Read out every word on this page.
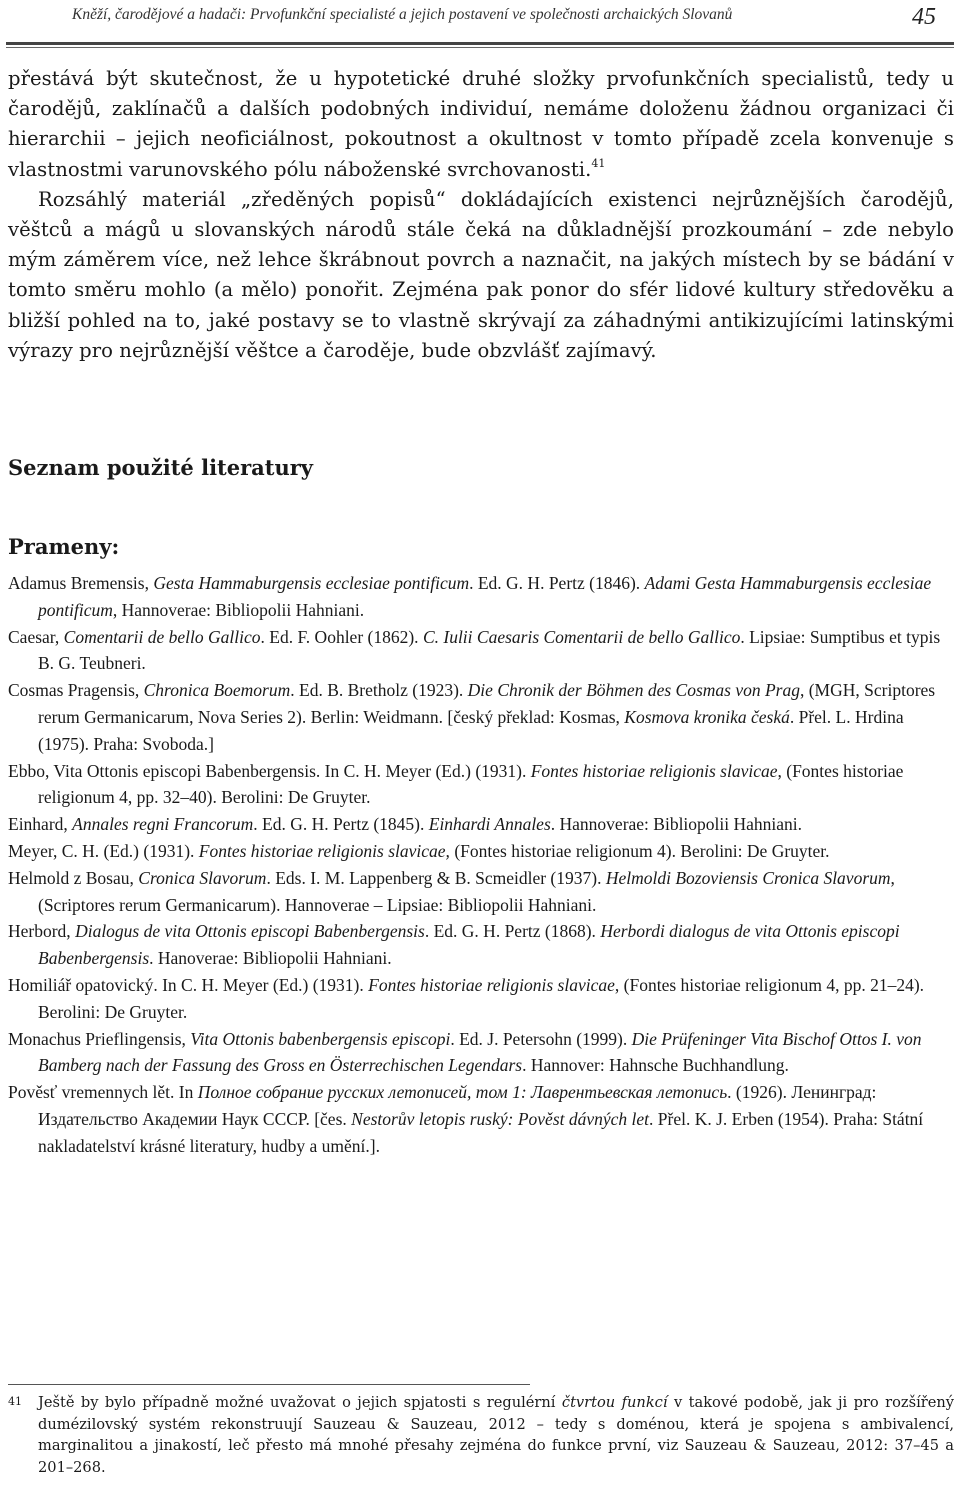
Kněží, čarodějové a hadači: Prvofunkční specialisté a jejich postavení ve společnosti archaických Slovanů	45

přestává být skutečnost, že u hypotetické druhé složky prvofunkčních specialistů, tedy u čarodějů, zaklínačů a dalších podobných individuí, nemáme doloženu žádnou organizaci či hierarchii – jejich neoficiálnost, pokoutnost a okultnost v tomto případě zcela konvenuje s vlastnostmi varunovského pólu náboženské svrchovanosti.$^{41}$

Rozsáhlý materiál „zředěných popisů“ dokládajících existenci nejrůznějších čarodějů, věštců a mágů u slovanských národů stále čeká na důkladnější prozkoumání – zde nebylo mým záměrem více, než lehce škrábnout povrch a naznačit, na jakých místech by se bádání v tomto směru mohlo (a mělo) ponořit. Zejména pak ponor do sfér lidové kultury středověku a bližší pohled na to, jaké postavy se to vlastně skrývají za záhadnými antikizujícími latinskými výrazy pro nejrůznější věštce a čaroděje, bude obzvlášť zajímavý.

Seznam použité literatury
Prameny:

Adamus Bremensis, Gesta Hammaburgensis ecclesiae pontificum. Ed. G. H. Pertz (1846). Adami Gesta Hammaburgensis ecclesiae pontificum, Hannoverae: Bibliopolii Hahniani.

Caesar, Comentarii de bello Gallico. Ed. F. Oohler (1862). C. Iulii Caesaris Comentarii de bello Gallico. Lipsiae: Sumptibus et typis B. G. Teubneri.

Cosmas Pragensis, Chronica Boemorum. Ed. B. Bretholz (1923). Die Chronik der Böhmen des Cosmas von Prag, (MGH, Scriptores rerum Germanicarum, Nova Series 2). Berlin: Weidmann. [český překlad: Kosmas, Kosmova kronika česká. Přel. L. Hrdina (1975). Praha: Svoboda.]

Ebbo, Vita Ottonis episcopi Babenbergensis. In C. H. Meyer (Ed.) (1931). Fontes historiae religionis slavicae, (Fontes historiae religionum 4, pp. 32–40). Berolini: De Gruyter.

Einhard, Annales regni Francorum. Ed. G. H. Pertz (1845). Einhardi Annales. Hannoverae: Bibliopolii Hahniani.

Meyer, C. H. (Ed.) (1931). Fontes historiae religionis slavicae, (Fontes historiae religionum 4). Berolini: De Gruyter.

Helmold z Bosau, Cronica Slavorum. Eds. I. M. Lappenberg & B. Scmeidler (1937). Helmoldi Bozoviensis Cronica Slavorum, (Scriptores rerum Germanicarum). Hannoverae – Lipsiae: Bibliopolii Hahniani.

Herbord, Dialogus de vita Ottonis episcopi Babenbergensis. Ed. G. H. Pertz (1868). Herbordi dialogus de vita Ottonis episcopi Babenbergensis. Hanoverae: Bibliopolii Hahniani.

Homiliář opatovický. In C. H. Meyer (Ed.) (1931). Fontes historiae religionis slavicae, (Fontes historiae religionum 4, pp. 21–24). Berolini: De Gruyter.

Monachus Prieflingensis, Vita Ottonis babenbergensis episcopi. Ed. J. Petersohn (1999). Die Prüfeninger Vita Bischof Ottos I. von Bamberg nach der Fassung des Gross en Österrechischen Legendars. Hannover: Hahnsche Buchhandlung.

Pověsť vremennych lět. In Полное собрание русских летописей, том 1: Лаврентьевская летопись. (1926). Ленинград: Издательство Академии Наук СССР. [čes. Nestorův letopis ruský: Pověst dávných let. Přel. K. J. Erben (1954). Praha: Státní nakladatelství krásné literatury, hudby a umění.].

41 Ještě by bylo případně možné uvažovat o jejich spjatosti s regulérní čtvrtou funkcí v takové podobě, jak ji pro rozšířený dumézilovský systém rekonstruují Sauzeau & Sauzeau, 2012 – tedy s doménou, která je spojena s ambivalencí, marginalitou a jinakostí, leč přesto má mnohé přesahy zejména do funkce první, viz Sauzeau & Sauzeau, 2012: 37–45 a 201–268.
